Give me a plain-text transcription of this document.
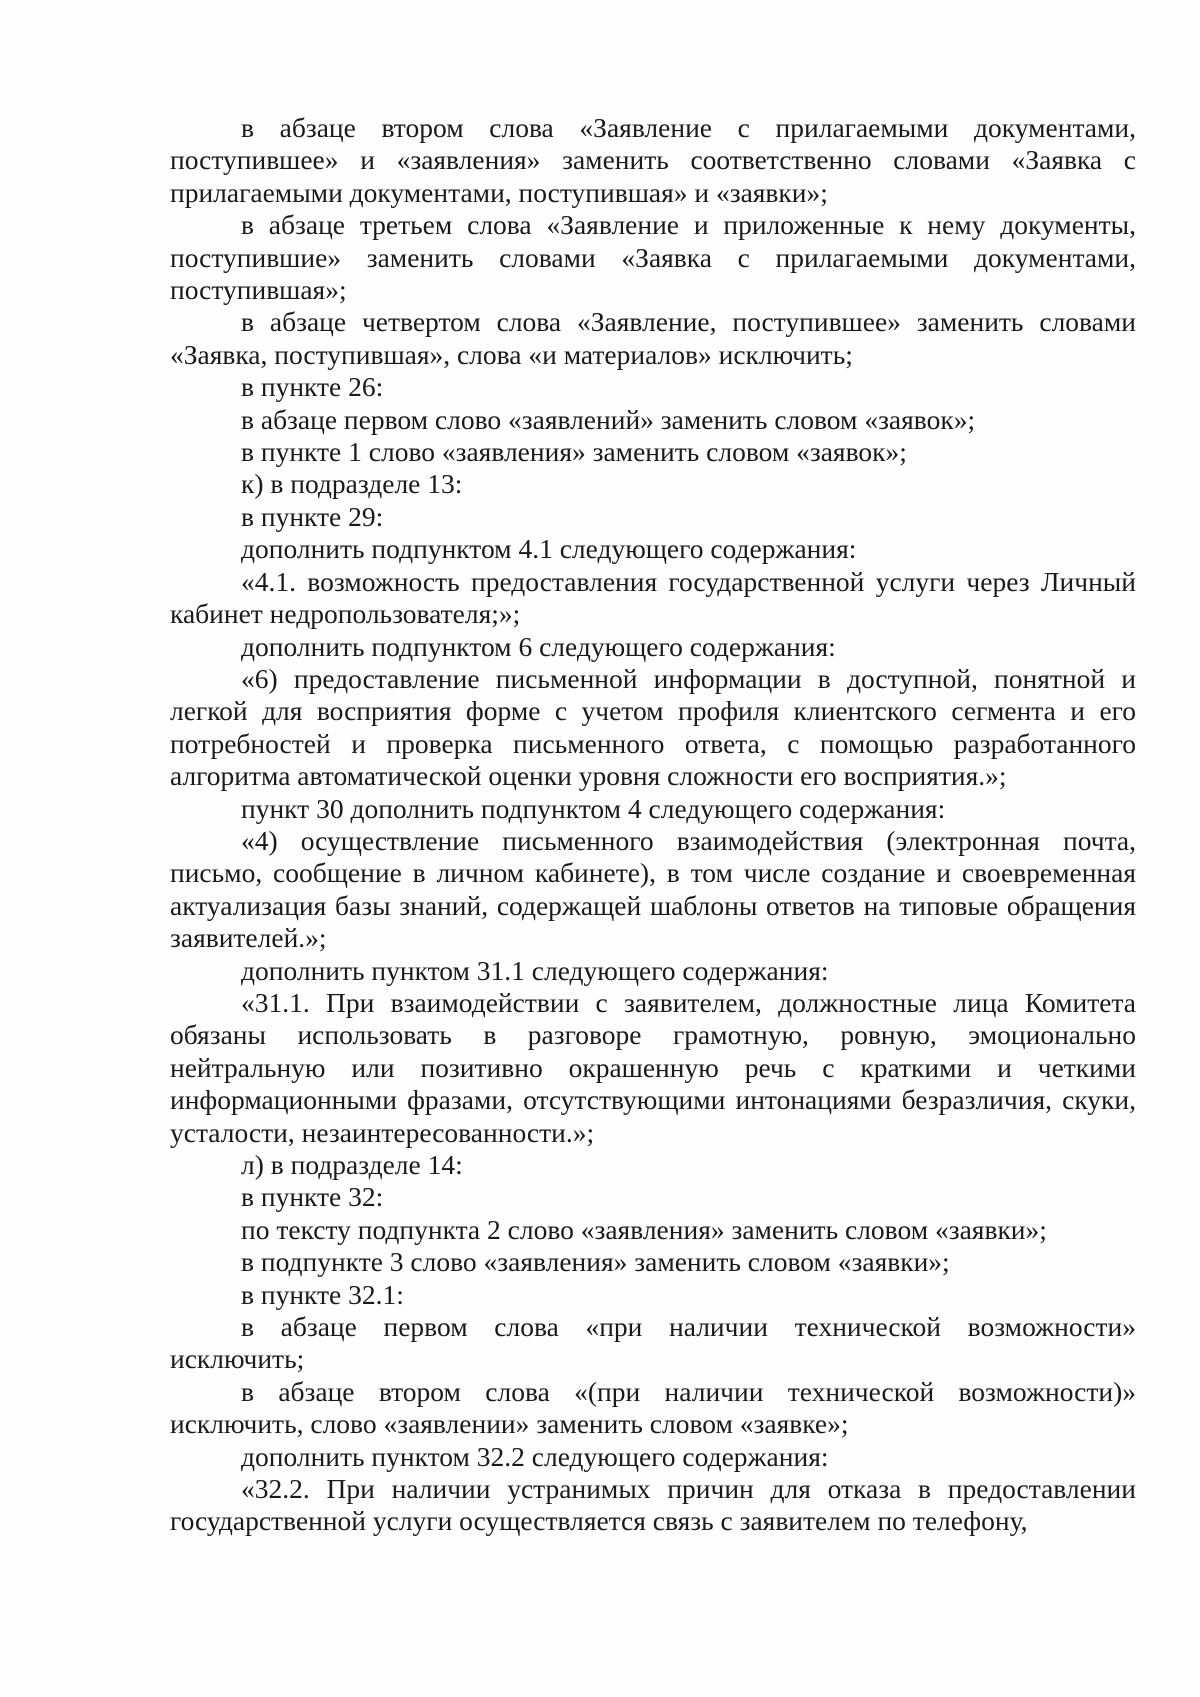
в абзаце втором слова «Заявление с прилагаемыми документами, поступившее» и «заявления» заменить соответственно словами «Заявка с прилагаемыми документами, поступившая» и «заявки»;

в абзаце третьем слова «Заявление и приложенные к нему документы, поступившие» заменить словами «Заявка с прилагаемыми документами, поступившая»;

в абзаце четвертом слова «Заявление, поступившее» заменить словами «Заявка, поступившая», слова «и материалов» исключить;

в пункте 26:

в абзаце первом слово «заявлений» заменить словом «заявок»;

в пункте 1 слово «заявления» заменить словом «заявок»;

к) в подразделе 13:

в пункте 29:

дополнить подпунктом 4.1 следующего содержания:

«4.1. возможность предоставления государственной услуги через Личный кабинет недропользователя;»;

дополнить подпунктом 6 следующего содержания:

«6) предоставление письменной информации в доступной, понятной и легкой для восприятия форме с учетом профиля клиентского сегмента и его потребностей и проверка письменного ответа, с помощью разработанного алгоритма автоматической оценки уровня сложности его восприятия.»;

пункт 30 дополнить подпунктом 4 следующего содержания:

«4) осуществление письменного взаимодействия (электронная почта, письмо, сообщение в личном кабинете), в том числе создание и своевременная актуализация базы знаний, содержащей шаблоны ответов на типовые обращения заявителей.»;

дополнить пунктом 31.1 следующего содержания:

«31.1. При взаимодействии с заявителем, должностные лица Комитета обязаны использовать в разговоре грамотную, ровную, эмоционально нейтральную или позитивно окрашенную речь с краткими и четкими информационными фразами, отсутствующими интонациями безразличия, скуки, усталости, незаинтересованности.»;

л) в подразделе 14:

в пункте 32:

по тексту подпункта 2 слово «заявления» заменить словом «заявки»;

в подпункте 3 слово «заявления» заменить словом «заявки»;

в пункте 32.1:

в абзаце первом слова «при наличии технической возможности» исключить;

в абзаце втором слова «(при наличии технической возможности)» исключить, слово «заявлении» заменить словом «заявке»;

дополнить пунктом 32.2 следующего содержания:

«32.2. При наличии устранимых причин для отказа в предоставлении государственной услуги осуществляется связь с заявителем по телефону,
